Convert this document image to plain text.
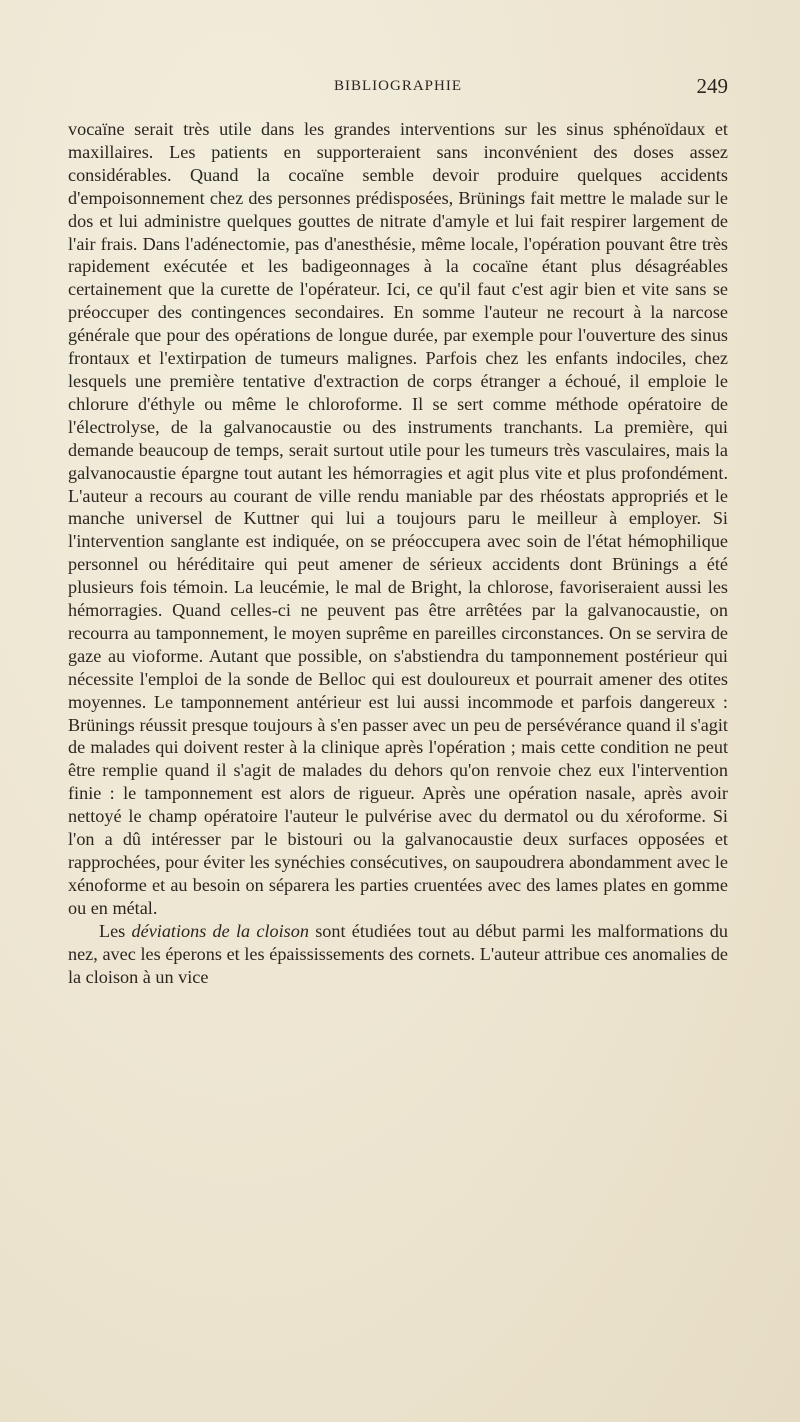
BIBLIOGRAPHIE	249

vocaïne serait très utile dans les grandes interventions sur les sinus sphénoïdaux et maxillaires. Les patients en supporteraient sans inconvénient des doses assez considérables. Quand la cocaïne semble devoir produire quelques accidents d'empoisonnement chez des personnes prédisposées, Brünings fait mettre le malade sur le dos et lui administre quelques gouttes de nitrate d'amyle et lui fait respirer largement de l'air frais. Dans l'adénectomie, pas d'anesthésie, même locale, l'opération pouvant être très rapidement exécutée et les badigeonnages à la cocaïne étant plus désagréables certainement que la curette de l'opérateur. Ici, ce qu'il faut c'est agir bien et vite sans se préoccuper des contingences secondaires. En somme l'auteur ne recourt à la narcose générale que pour des opérations de longue durée, par exemple pour l'ouverture des sinus frontaux et l'extirpation de tumeurs malignes. Parfois chez les enfants indociles, chez lesquels une première tentative d'extraction de corps étranger a échoué, il emploie le chlorure d'éthyle ou même le chloroforme. Il se sert comme méthode opératoire de l'électrolyse, de la galvanocaustie ou des instruments tranchants. La première, qui demande beaucoup de temps, serait surtout utile pour les tumeurs très vasculaires, mais la galvanocaustie épargne tout autant les hémorragies et agit plus vite et plus profondément. L'auteur a recours au courant de ville rendu maniable par des rhéostats appropriés et le manche universel de Kuttner qui lui a toujours paru le meilleur à employer. Si l'intervention sanglante est indiquée, on se préoccupera avec soin de l'état hémophilique personnel ou héréditaire qui peut amener de sérieux accidents dont Brünings a été plusieurs fois témoin. La leucémie, le mal de Bright, la chlorose, favoriseraient aussi les hémorragies. Quand celles-ci ne peuvent pas être arrêtées par la galvanocaustie, on recourra au tamponnement, le moyen suprême en pareilles circonstances. On se servira de gaze au vioforme. Autant que possible, on s'abstiendra du tamponnement postérieur qui nécessite l'emploi de la sonde de Belloc qui est douloureux et pourrait amener des otites moyennes. Le tamponnement antérieur est lui aussi incommode et parfois dangereux : Brünings réussit presque toujours à s'en passer avec un peu de persévérance quand il s'agit de malades qui doivent rester à la clinique après l'opération ; mais cette condition ne peut être remplie quand il s'agit de malades du dehors qu'on renvoie chez eux l'intervention finie : le tamponnement est alors de rigueur. Après une opération nasale, après avoir nettoyé le champ opératoire l'auteur le pulvérise avec du dermatol ou du xéroforme. Si l'on a dû intéresser par le bistouri ou la galvanocaustie deux surfaces opposées et rapprochées, pour éviter les synéchies consécutives, on saupoudrera abondamment avec le xénoforme et au besoin on séparera les parties cruentées avec des lames plates en gomme ou en métal.

Les déviations de la cloison sont étudiées tout au début parmi les malformations du nez, avec les éperons et les épaississements des cornets. L'auteur attribue ces anomalies de la cloison à un vice
